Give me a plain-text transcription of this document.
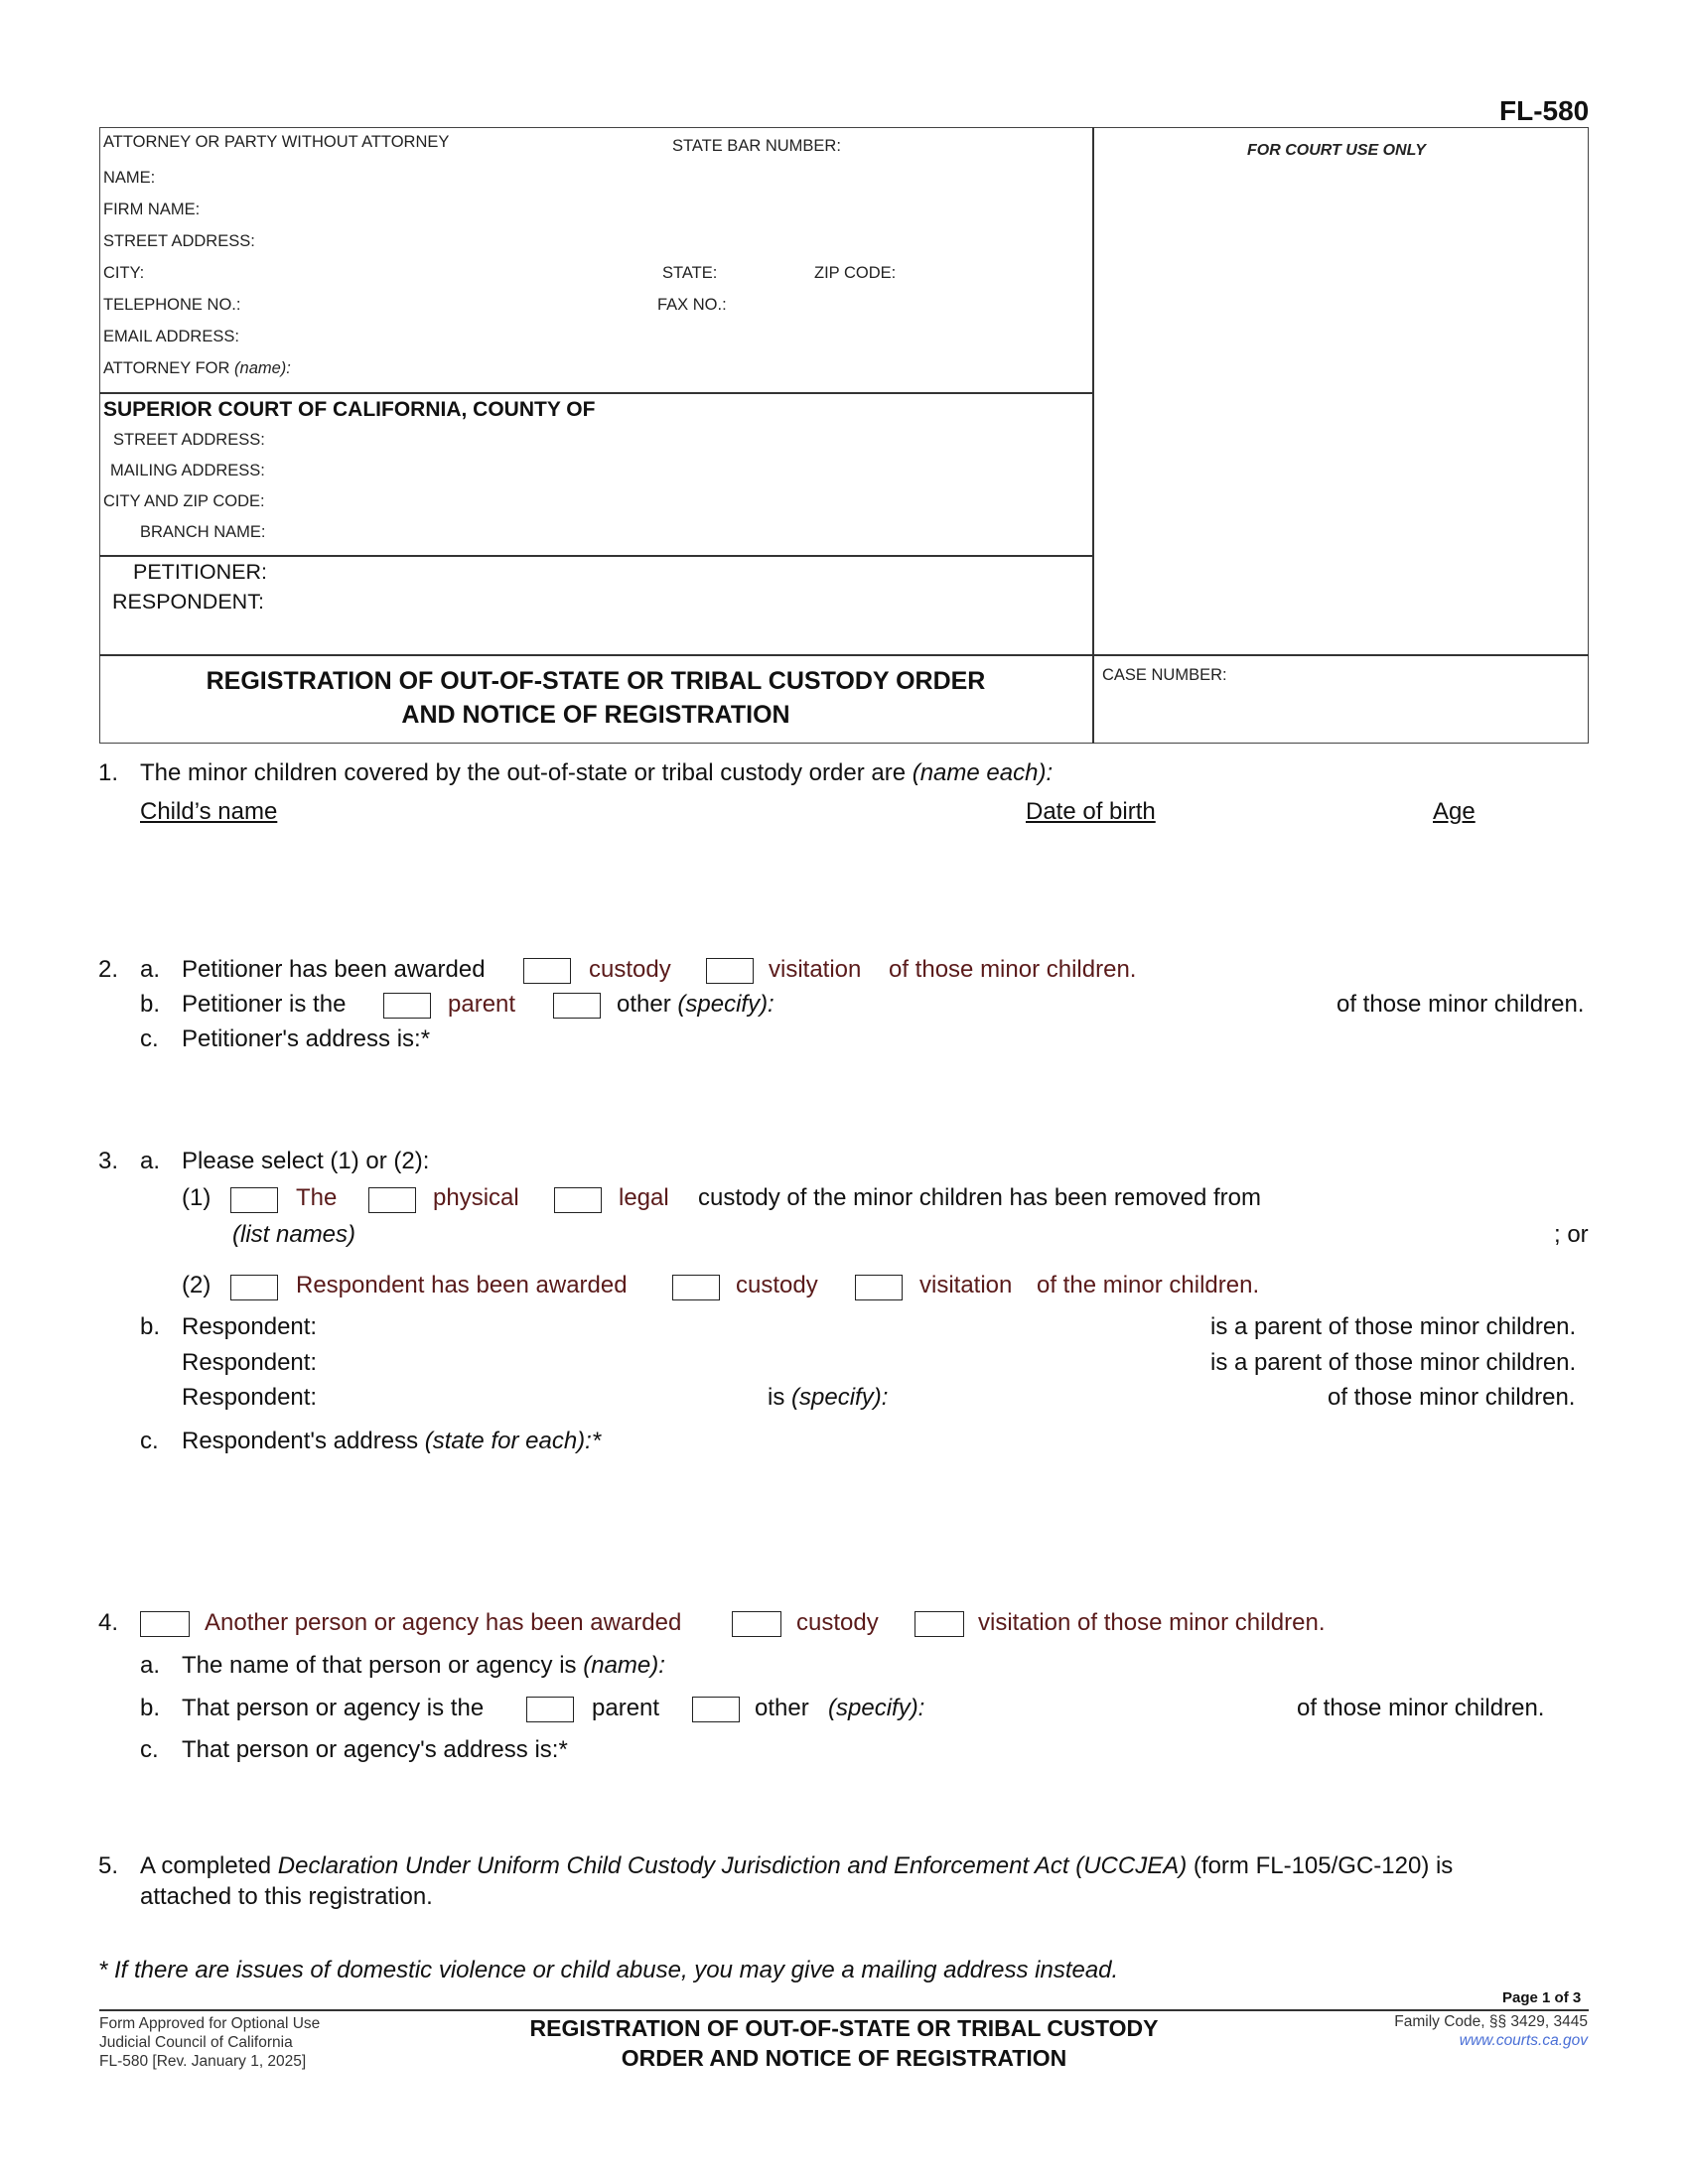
FL-580
ATTORNEY OR PARTY WITHOUT ATTORNEY	STATE BAR NUMBER:
NAME:
FIRM NAME:
STREET ADDRESS:
CITY:	STATE:	ZIP CODE:
TELEPHONE NO.:	FAX NO.:
EMAIL ADDRESS:
ATTORNEY FOR (name):
FOR COURT USE ONLY
SUPERIOR COURT OF CALIFORNIA, COUNTY OF
STREET ADDRESS:
MAILING ADDRESS:
CITY AND ZIP CODE:
BRANCH NAME:
PETITIONER:
RESPONDENT:
REGISTRATION OF OUT-OF-STATE OR TRIBAL CUSTODY ORDER
AND NOTICE OF REGISTRATION
CASE NUMBER:
1. The minor children covered by the out-of-state or tribal custody order are (name each):
Child’s name	Date of birth	Age
2. a. Petitioner has been awarded	custody	visitation of those minor children.
b. Petitioner is the	parent	other (specify):	of those minor children.
c. Petitioner's address is:*
3. a. Please select (1) or (2):
(1)	The	physical	legal custody of the minor children has been removed from
(list names)	; or
(2)	Respondent has been awarded	custody	visitation of the minor children.
b. Respondent:	is a parent of those minor children.
Respondent:	is a parent of those minor children.
Respondent:	is (specify):	of those minor children.
c. Respondent's address (state for each):*
4.	Another person or agency has been awarded	custody	visitation of those minor children.
a. The name of that person or agency is (name):
b. That person or agency is the	parent	other (specify):	of those minor children.
c. That person or agency's address is:*
5. A completed Declaration Under Uniform Child Custody Jurisdiction and Enforcement Act (UCCJEA) (form FL-105/GC-120) is
attached to this registration.
* If there are issues of domestic violence or child abuse, you may give a mailing address instead.
Page 1 of 3
Form Approved for Optional Use
Judicial Council of California
FL-580 [Rev. January 1, 2025]
REGISTRATION OF OUT-OF-STATE OR TRIBAL CUSTODY
ORDER AND NOTICE OF REGISTRATION
Family Code, §§ 3429, 3445
www.courts.ca.gov
